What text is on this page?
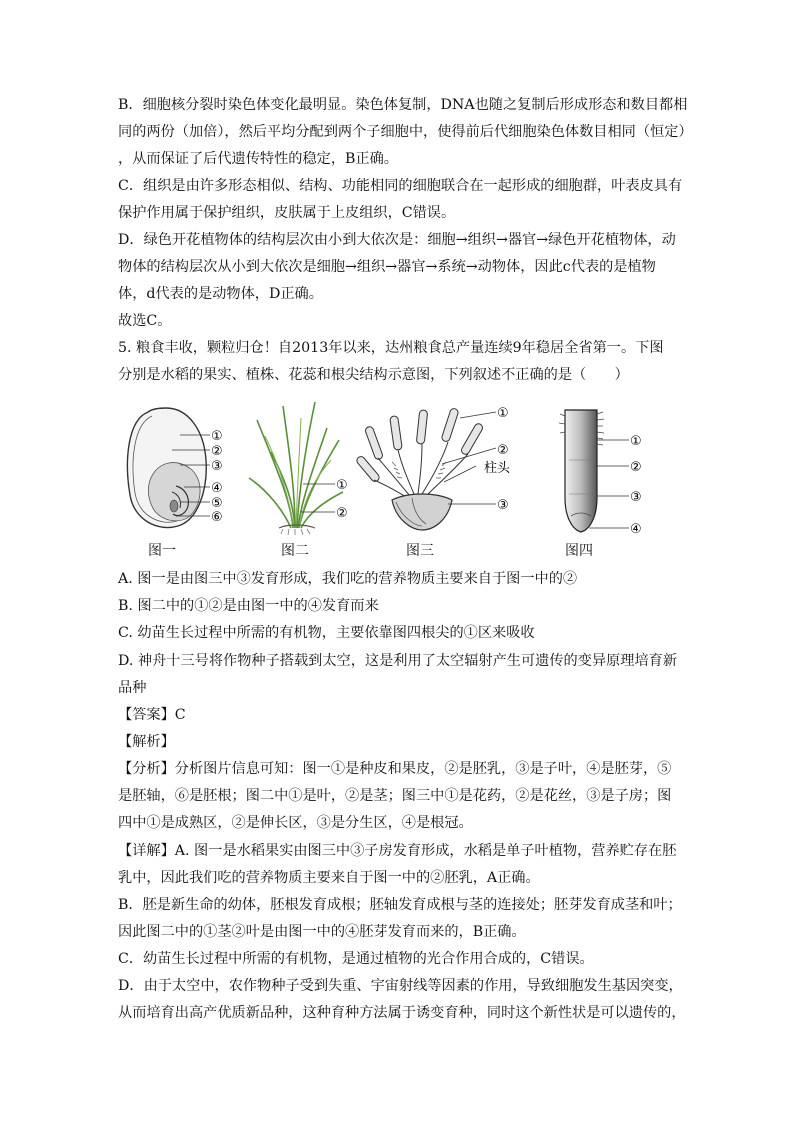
B．细胞核分裂时染色体变化最明显。染色体复制，DNA也随之复制后形成形态和数目都相
同的两份（加倍），然后平均分配到两个子细胞中，使得前后代细胞染色体数目相同（恒定）
，从而保证了后代遗传特性的稳定，B正确。
C．组织是由许多形态相似、结构、功能相同的细胞联合在一起形成的细胞群，叶表皮具有
保护作用属于保护组织，皮肤属于上皮组织，C错误。
D．绿色开花植物体的结构层次由小到大依次是：细胞→组织→器官→绿色开花植物体，动
物体的结构层次从小到大依次是细胞→组织→器官→系统→动物体，因此c代表的是植物
体，d代表的是动物体，D正确。
故选C。
5. 粮食丰收，颗粒归仓！自2013年以来，达州粮食总产量连续9年稳居全省第一。下图
分别是水稻的果实、植株、花蕊和根尖结构示意图，下列叙述不正确的是（　　）
①
②
③
④
⑤
⑥
图一
①
②
图二
①
②
柱头
③
图三
①
②
③
④
图四
A. 图一是由图三中③发育形成，我们吃的营养物质主要来自于图一中的②
B. 图二中的①②是由图一中的④发育而来
C. 幼苗生长过程中所需的有机物，主要依靠图四根尖的①区来吸收
D. 神舟十三号将作物种子搭载到太空，这是利用了太空辐射产生可遗传的变异原理培育新
品种
【答案】C
【解析】
【分析】分析图片信息可知：图一①是种皮和果皮，②是胚乳，③是子叶，④是胚芽，⑤
是胚轴，⑥是胚根；图二中①是叶，②是茎；图三中①是花药，②是花丝，③是子房；图
四中①是成熟区，②是伸长区，③是分生区，④是根冠。
【详解】A. 图一是水稻果实由图三中③子房发育形成，水稻是单子叶植物，营养贮存在胚
乳中，因此我们吃的营养物质主要来自于图一中的②胚乳，A正确。
B．胚是新生命的幼体，胚根发育成根；胚轴发育成根与茎的连接处；胚芽发育成茎和叶；
因此图二中的①茎②叶是由图一中的④胚芽发育而来的，B正确。
C．幼苗生长过程中所需的有机物，是通过植物的光合作用合成的，C错误。
D．由于太空中，农作物种子受到失重、宇宙射线等因素的作用，导致细胞发生基因突变，
从而培育出高产优质新品种，这种育种方法属于诱变育种，同时这个新性状是可以遗传的，
